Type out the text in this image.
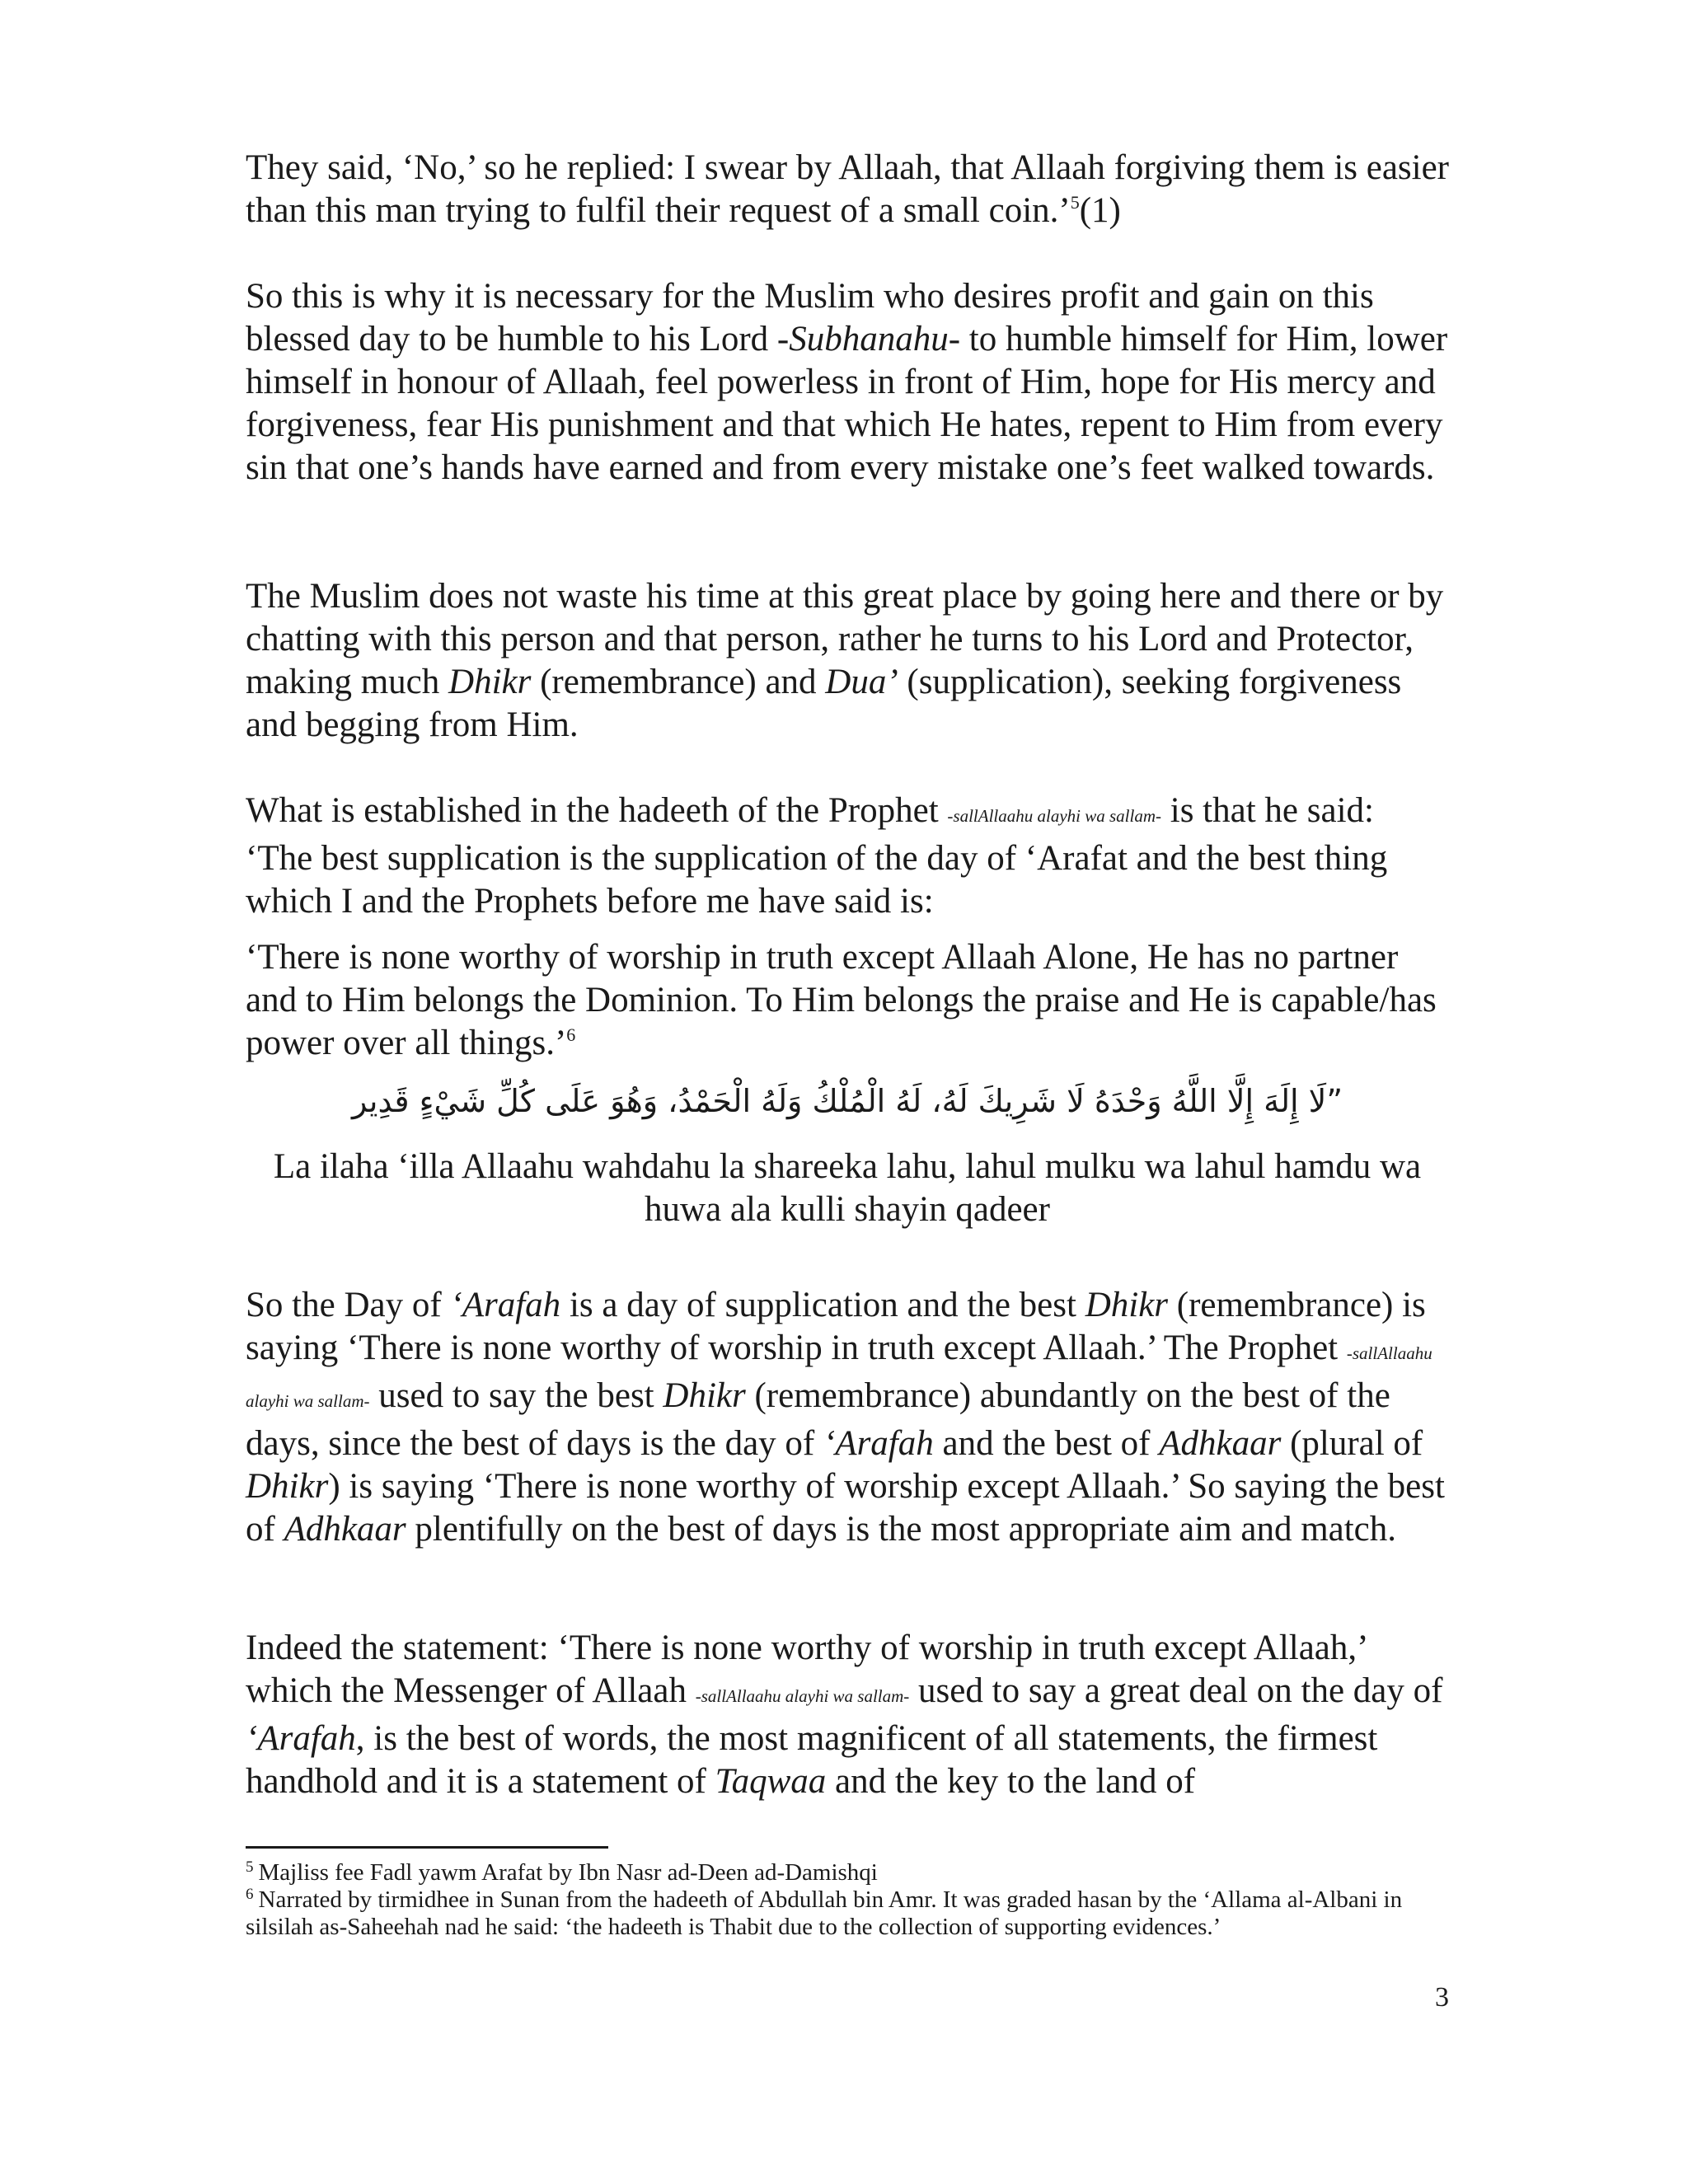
They said, ‘No,’ so he replied: I swear by Allaah, that Allaah forgiving them is easier than this man trying to fulfil their request of a small coin.’$^5$(1)

So this is why it is necessary for the Muslim who desires profit and gain on this blessed day to be humble to his Lord -Subhanahu- to humble himself for Him, lower himself in honour of Allaah, feel powerless in front of Him, hope for His mercy and forgiveness, fear His punishment and that which He hates, repent to Him from every sin that one’s hands have earned and from every mistake one’s feet walked towards.

The Muslim does not waste his time at this great place by going here and there or by chatting with this person and that person, rather he turns to his Lord and Protector, making much Dhikr (remembrance) and Dua’ (supplication), seeking forgiveness and begging from Him.

What is established in the hadeeth of the Prophet -sallAllaahu alayhi wa sallam- is that he said: ‘The best supplication is the supplication of the day of ‘Arafat and the best thing which I and the Prophets before me have said is:

‘There is none worthy of worship in truth except Allaah Alone, He has no partner and to Him belongs the Dominion. To Him belongs the praise and He is capable/has power over all things.’$^6$

”لَا إِلَهَ إِلَّا اللَّهُ وَحْدَهُ لَا شَرِيكَ لَهُ، لَهُ الْمُلْكُ وَلَهُ الْحَمْدُ، وَهُوَ عَلَى كُلِّ شَيْءٍ قَدِير

La ilaha ‘illa Allaahu wahdahu la shareeka lahu, lahul mulku wa lahul hamdu wa huwa ala kulli shayin qadeer

So the Day of ‘Arafah is a day of supplication and the best Dhikr (remembrance) is saying ‘There is none worthy of worship in truth except Allaah.’ The Prophet -sallAllaahu alayhi wa sallam- used to say the best Dhikr (remembrance) abundantly on the best of the days, since the best of days is the day of ‘Arafah and the best of Adhkaar (plural of Dhikr) is saying ‘There is none worthy of worship except Allaah.’ So saying the best of Adhkaar plentifully on the best of days is the most appropriate aim and match.

Indeed the statement: ‘There is none worthy of worship in truth except Allaah,’ which the Messenger of Allaah -sallAllaahu alayhi wa sallam- used to say a great deal on the day of ‘Arafah, is the best of words, the most magnificent of all statements, the firmest handhold and it is a statement of Taqwaa and the key to the land of

$^5$ Majliss fee Fadl yawm Arafat by Ibn Nasr ad-Deen ad-Damishqi

$^6$ Narrated by tirmidhee in Sunan from the hadeeth of Abdullah bin Amr. It was graded hasan by the ‘Allama al-Albani in silsilah as-Saheehah nad he said: ‘the hadeeth is Thabit due to the collection of supporting evidences.’

3
